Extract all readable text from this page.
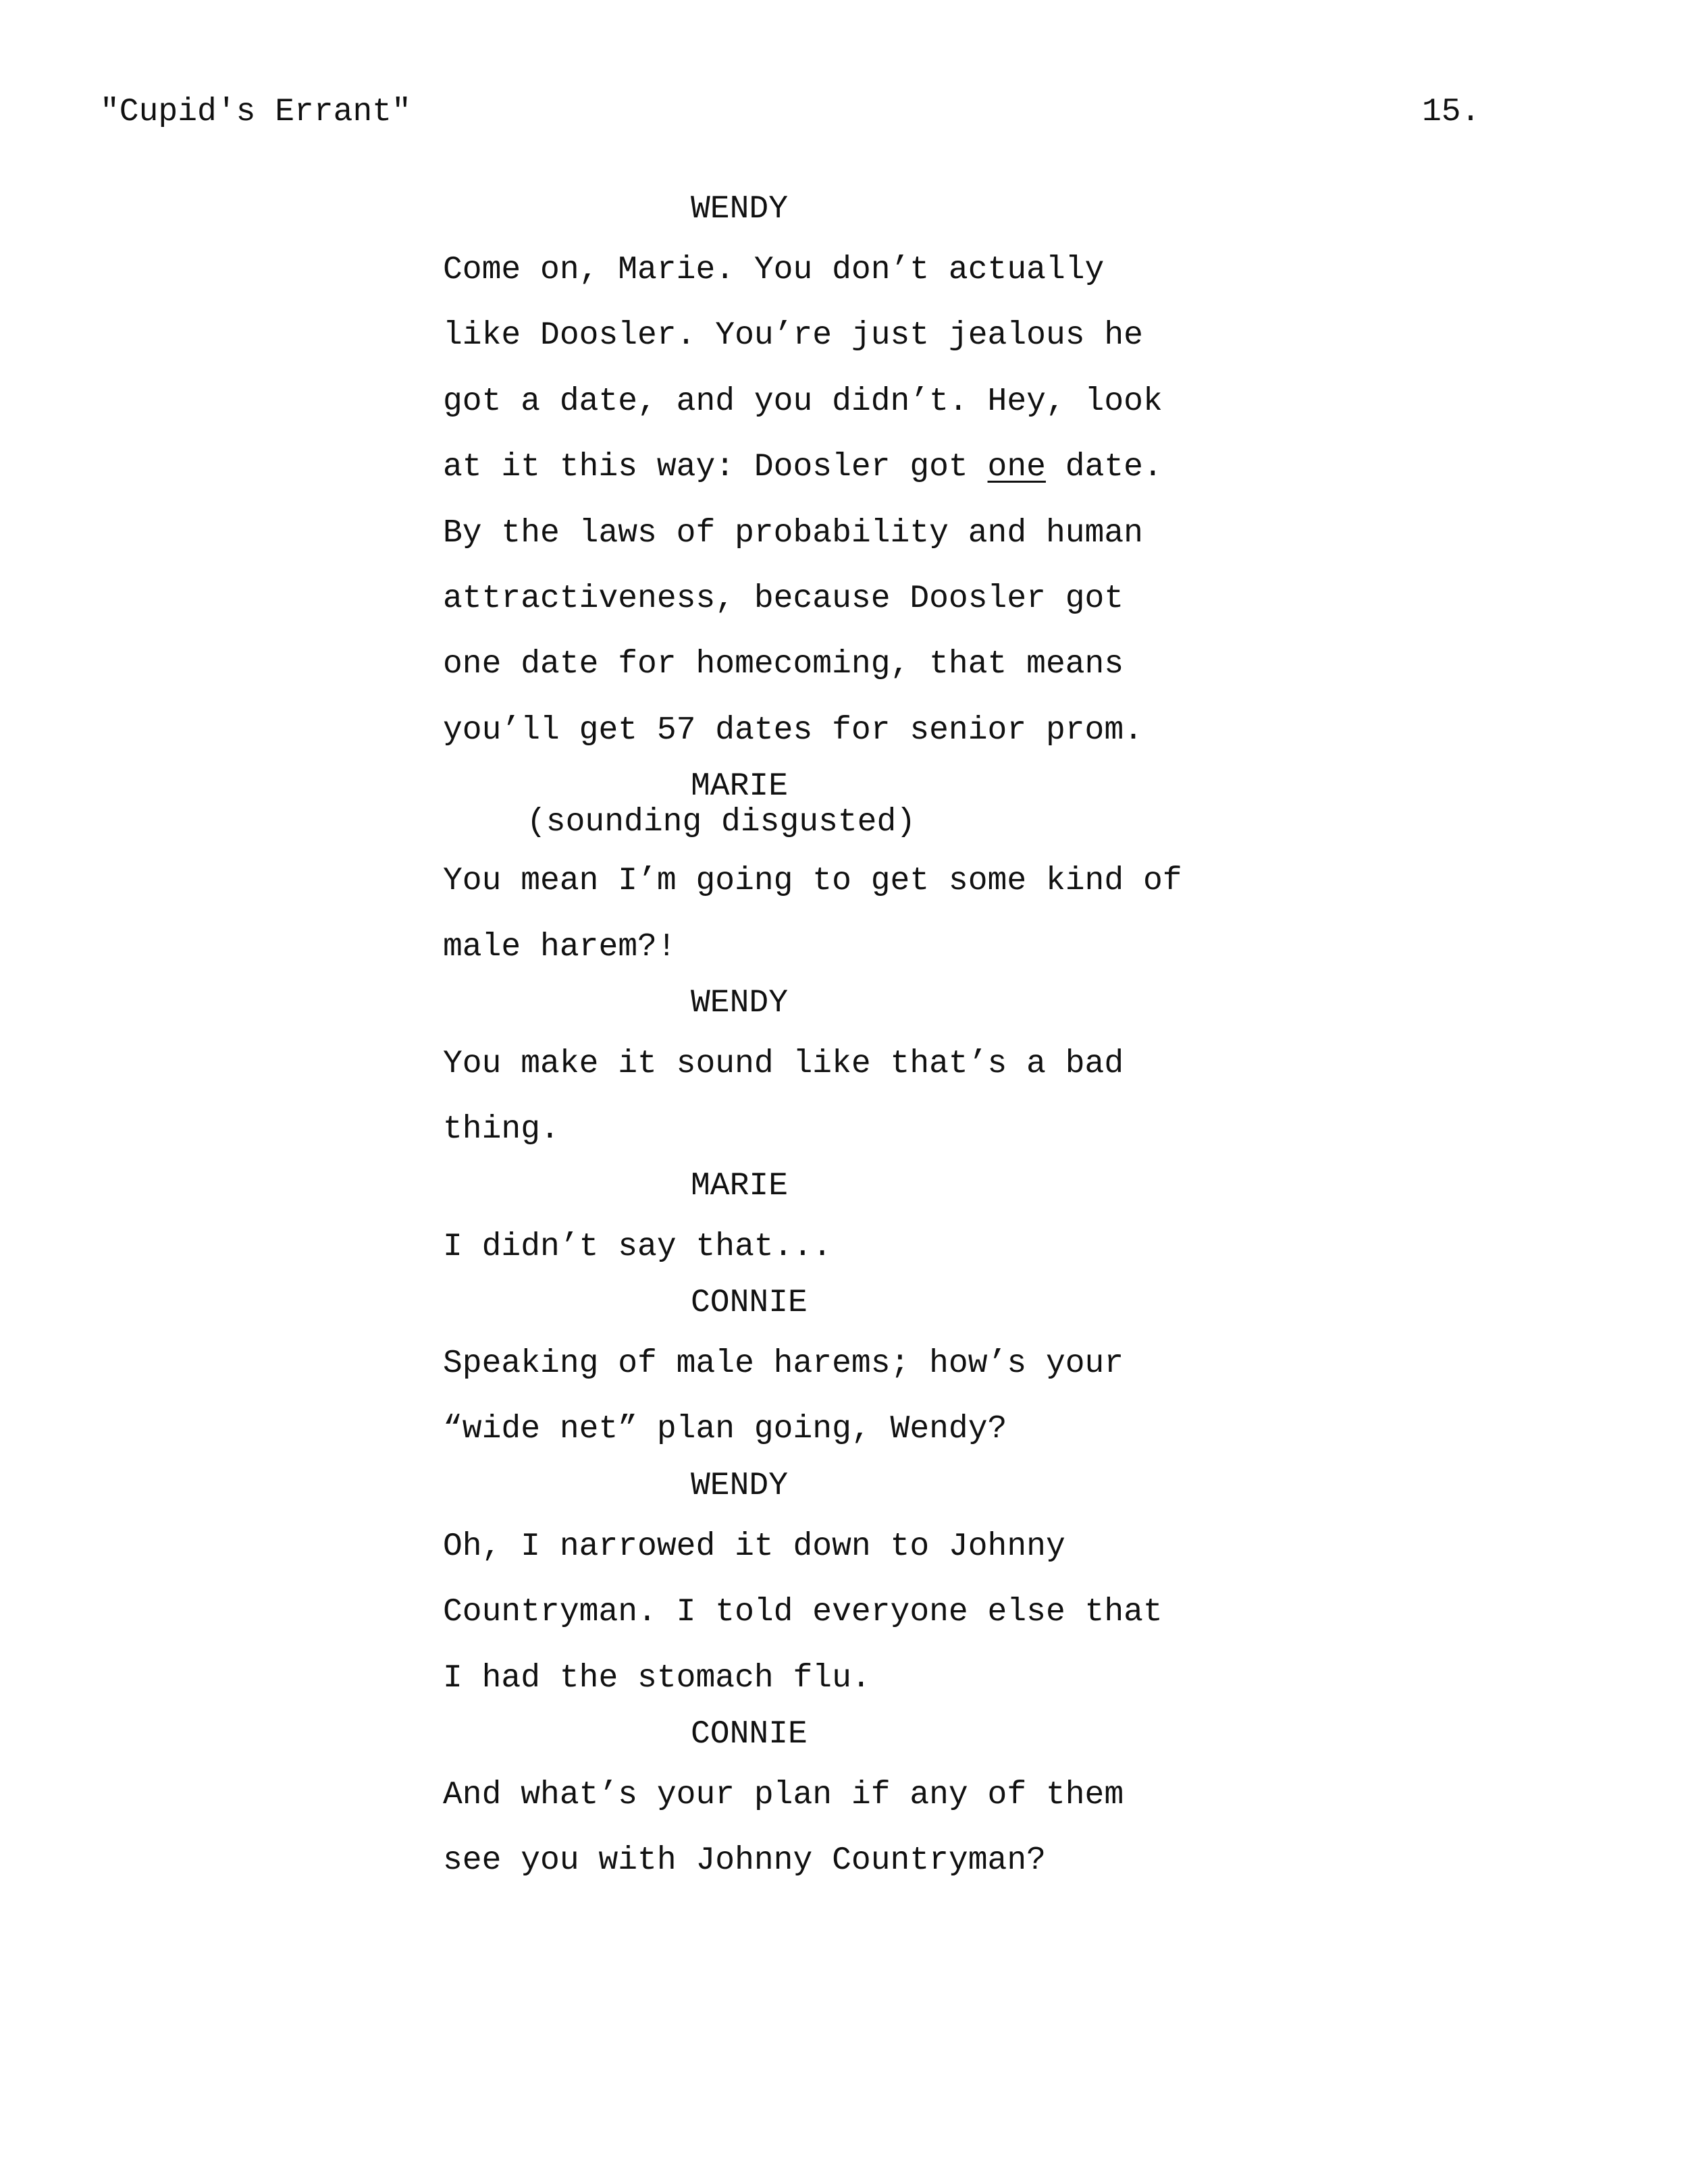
"Cupid's Errant"	15.
WENDY
Come on, Marie. You don’t actually
like Doosler. You’re just jealous he
got a date, and you didn’t. Hey, look
at it this way: Doosler got one date.
By the laws of probability and human
attractiveness, because Doosler got
one date for homecoming, that means
you’ll get 57 dates for senior prom.
MARIE
(sounding disgusted)
You mean I’m going to get some kind of
male harem?!
WENDY
You make it sound like that’s a bad
thing.
MARIE
I didn’t say that...
CONNIE
Speaking of male harems; how’s your
“wide net” plan going, Wendy?
WENDY
Oh, I narrowed it down to Johnny
Countryman. I told everyone else that
I had the stomach flu.
CONNIE
And what’s your plan if any of them
see you with Johnny Countryman?
